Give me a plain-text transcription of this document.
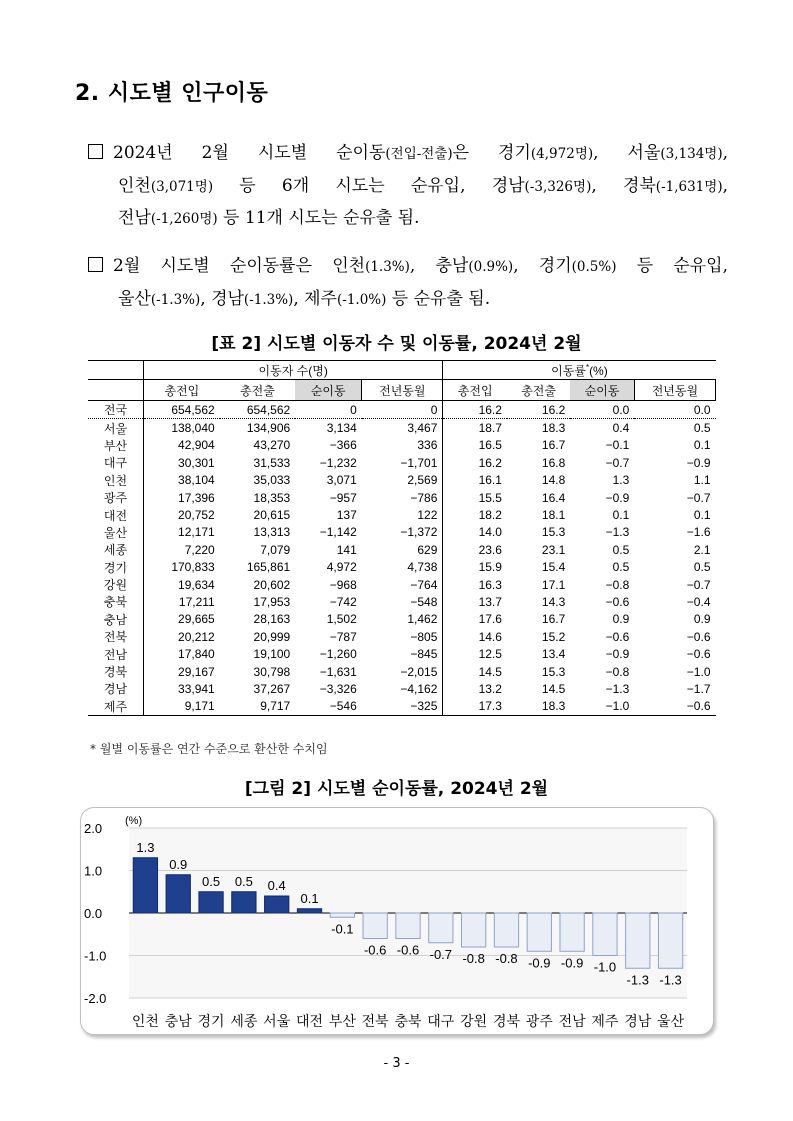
2. 시도별 인구이동
2024년 2월 시도별 순이동(전입-전출)은 경기(4,972명), 서울(3,134명),
인천(3,071명) 등 6개 시도는 순유입, 경남(-3,326명), 경북(-1,631명),
전남(-1,260명) 등 11개 시도는 순유출 됨.
2월 시도별 순이동률은 인천(1.3%), 충남(0.9%), 경기(0.5%) 등 순유입,
울산(-1.3%), 경남(-1.3%), 제주(-1.0%) 등 순유출 됨.
[표 2] 시도별 이동자 수 및 이동률, 2024년 2월
	이동자 수(명)				이동률*(%)			
	총전입	총전출	순이동	전년동월	총전입	총전출	순이동	전년동월
전국	654,562	654,562	0	0	16.2	16.2	0.0	0.0
서울	138,040	134,906	3,134	3,467	18.7	18.3	0.4	0.5
부산	42,904	43,270	−366	336	16.5	16.7	−0.1	0.1
대구	30,301	31,533	−1,232	−1,701	16.2	16.8	−0.7	−0.9
인천	38,104	35,033	3,071	2,569	16.1	14.8	1.3	1.1
광주	17,396	18,353	−957	−786	15.5	16.4	−0.9	−0.7
대전	20,752	20,615	137	122	18.2	18.1	0.1	0.1
울산	12,171	13,313	−1,142	−1,372	14.0	15.3	−1.3	−1.6
세종	7,220	7,079	141	629	23.6	23.1	0.5	2.1
경기	170,833	165,861	4,972	4,738	15.9	15.4	0.5	0.5
강원	19,634	20,602	−968	−764	16.3	17.1	−0.8	−0.7
충북	17,211	17,953	−742	−548	13.7	14.3	−0.6	−0.4
충남	29,665	28,163	1,502	1,462	17.6	16.7	0.9	0.9
전북	20,212	20,999	−787	−805	14.6	15.2	−0.6	−0.6
전남	17,840	19,100	−1,260	−845	12.5	13.4	−0.9	−0.6
경북	29,167	30,798	−1,631	−2,015	14.5	15.3	−0.8	−1.0
경남	33,941	37,267	−3,326	−4,162	13.2	14.5	−1.3	−1.7
제주	9,171	9,717	−546	−325	17.3	18.3	−1.0	−0.6
* 월별 이동률은 연간 수준으로 환산한 수치임
[그림 2] 시도별 순이동률, 2024년 2월
2.0
1.0
0.0
-1.0
-2.0
(%)
1.3
인천
0.9
충남
0.5
경기
0.5
세종
0.4
서울
0.1
대전
-0.1
부산
-0.6
전북
-0.6
충북
-0.7
대구
-0.8
강원
-0.8
경북
-0.9
광주
-0.9
전남
-1.0
제주
-1.3
경남
-1.3
울산
- 3 -
